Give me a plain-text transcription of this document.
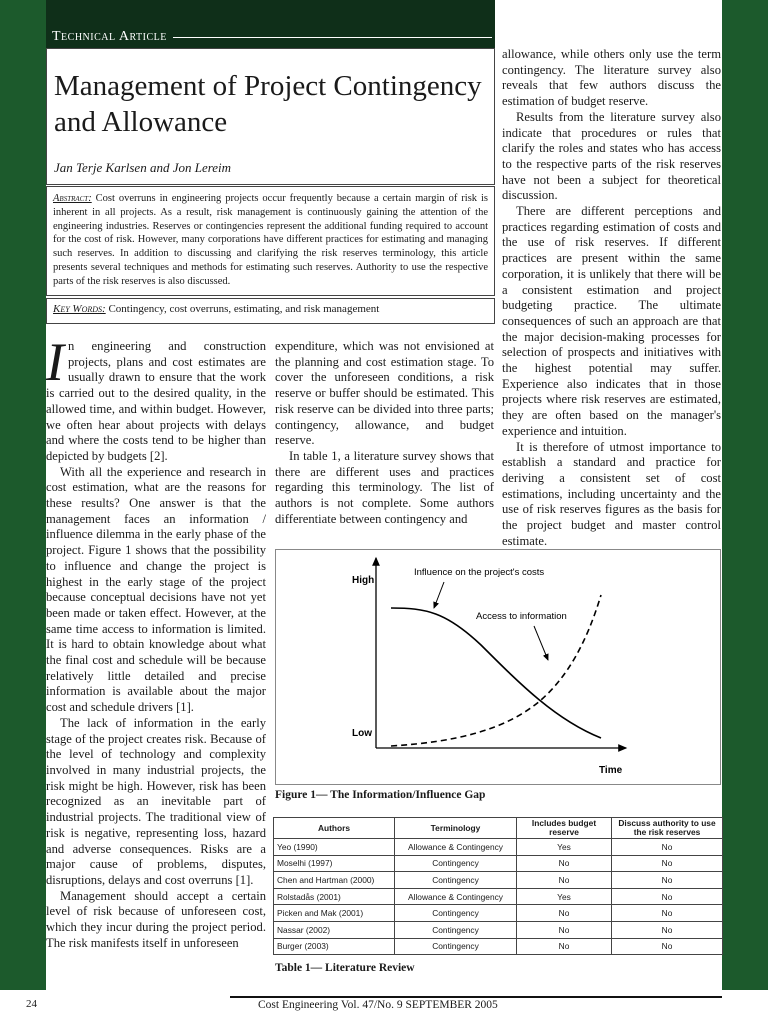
Technical Article
Management of Project Contingency and Allowance
Jan Terje Karlsen and Jon Lereim
Abstract: Cost overruns in engineering projects occur frequently because a certain margin of risk is inherent in all projects. As a result, risk management is continuously gaining the attention of the engineering industries. Reserves or contingencies represent the additional funding required to account for the cost of risk. However, many corporations have different practices for estimating and managing such reserves. In addition to discussing and clarifying the risk reserves terminology, this article presents several techniques and methods for estimating such reserves. Authority to use the respective parts of the risk reserves is also discussed.
Key Words: Contingency, cost overruns, estimating, and risk management

In engineering and construction projects, plans and cost estimates are usually drawn to ensure that the work is carried out to the desired quality, in the allowed time, and within budget. However, we often hear about projects with delays and where the costs tend to be higher than depicted by budgets [2].

With all the experience and research in cost estimation, what are the reasons for these results? One answer is that the management faces an information / influence dilemma in the early phase of the project. Figure 1 shows that the possibility to influence and change the project is highest in the early stage of the project because conceptual decisions have not yet been made or taken effect. However, at the same time access to information is limited. It is hard to obtain knowledge about what the final cost and schedule will be because relatively little detailed and precise information is available about the major cost and schedule drivers [1].

The lack of information in the early stage of the project creates risk. Because of the level of technology and complexity involved in many industrial projects, the risk might be high. However, risk has been recognized as an inevitable part of industrial projects. The traditional view of risk is negative, representing loss, hazard and adverse consequences. Risks are a major cause of problems, disputes, disruptions, delays and cost overruns [1].

Management should accept a certain level of risk because of unforeseen cost, which they incur during the project period. The risk manifests itself in unforeseen

expenditure, which was not envisioned at the planning and cost estimation stage. To cover the unforeseen conditions, a risk reserve or buffer should be estimated. This risk reserve can be divided into three parts; contingency, allowance, and budget reserve.

In table 1, a literature survey shows that there are different uses and practices regarding this terminology. The list of authors is not complete. Some authors differentiate between contingency and

allowance, while others only use the term contingency. The literature survey also reveals that few authors discuss the estimation of budget reserve.

Results from the literature survey also indicate that procedures or rules that clarify the roles and states who has access to the respective parts of the risk reserves have not been a subject for theoretical discussion.

There are different perceptions and practices regarding estimation of costs and the use of risk reserves. If different practices are present within the same corporation, it is unlikely that there will be a consistent estimation and project budgeting practice. The ultimate consequences of such an approach are that the major decision-making processes for selection of prospects and initiatives with the highest potential may suffer. Experience also indicates that in those projects where risk reserves are estimated, they are often based on the manager's experience and intuition.

It is therefore of utmost importance to establish a standard and practice for deriving a consistent set of cost estimations, including uncertainty and the use of risk reserves figures as the basis for the project budget and master control estimate.

High
Low
Time
Influence on the project's costs
Access to information
Figure 1— The Information/Influence Gap
Authors	Terminology	Includes budget reserve	Discuss authority to use the risk reserves
Yeo (1990)	Allowance & Contingency	Yes	No
Moselhi (1997)	Contingency	No	No
Chen and Hartman (2000)	Contingency	No	No
Rolstadås (2001)	Allowance & Contingency	Yes	No
Picken and Mak (2001)	Contingency	No	No
Nassar (2002)	Contingency	No	No
Burger (2003)	Contingency	No	No
Table 1— Literature Review
24	Cost Engineering Vol. 47/No. 9 SEPTEMBER 2005
